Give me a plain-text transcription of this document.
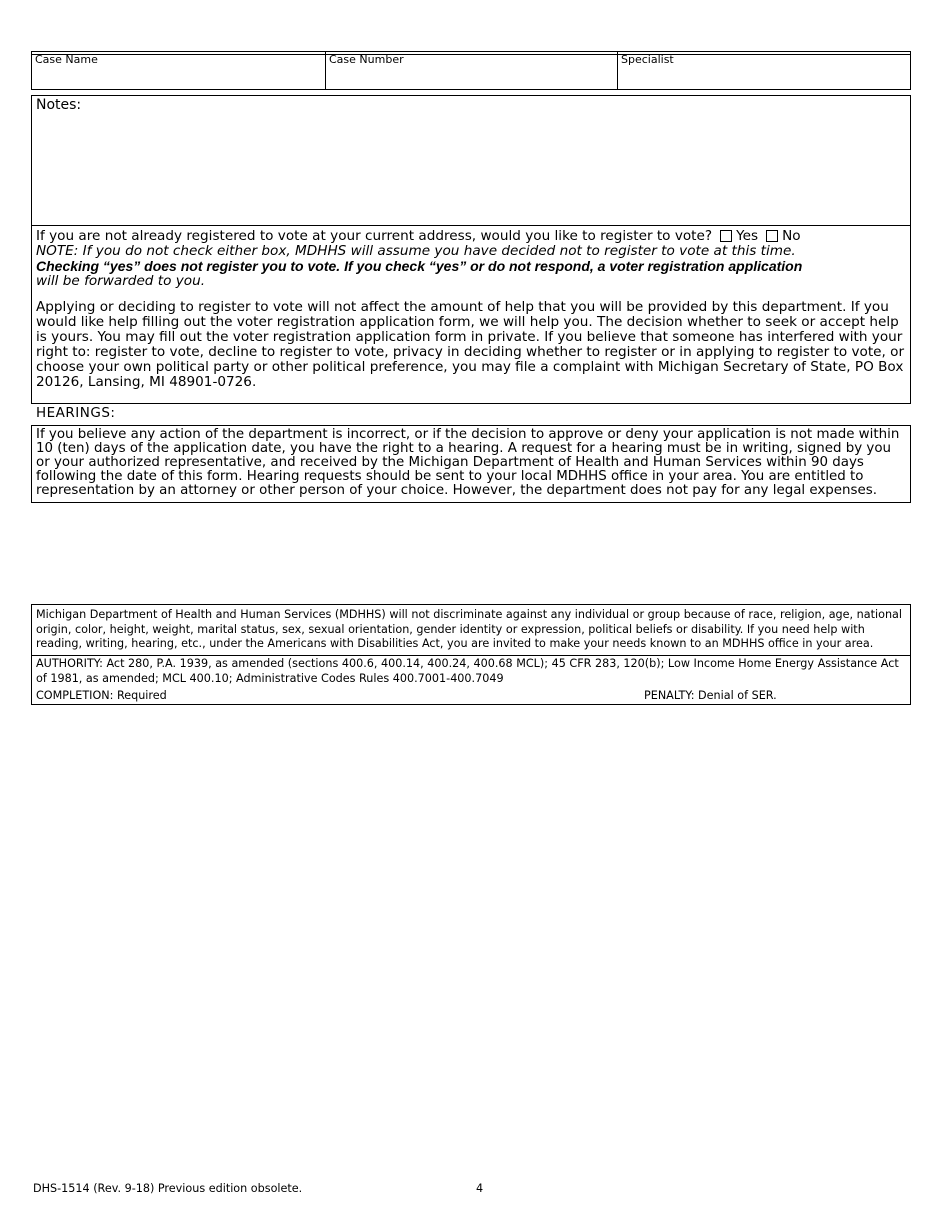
Case Name	Case Number	Specialist
Notes:
If you are not already registered to vote at your current address, would you like to register to vote? Yes No
NOTE: If you do not check either box, MDHHS will assume you have decided not to register to vote at this time.
Checking “yes” does not register you to vote. If you check “yes” or do not respond, a voter registration application
will be forwarded to you.
Applying or deciding to register to vote will not affect the amount of help that you will be provided by this department. If you would like help filling out the voter registration application form, we will help you. The decision whether to seek or accept help is yours. You may fill out the voter registration application form in private. If you believe that someone has interfered with your right to: register to vote, decline to register to vote, privacy in deciding whether to register or in applying to register to vote, or choose your own political party or other political preference, you may file a complaint with Michigan Secretary of State, PO Box 20126, Lansing, MI 48901-0726.
HEARINGS:
If you believe any action of the department is incorrect, or if the decision to approve or deny your application is not made within 10 (ten) days of the application date, you have the right to a hearing. A request for a hearing must be in writing, signed by you or your authorized representative, and received by the Michigan Department of Health and Human Services within 90 days following the date of this form. Hearing requests should be sent to your local MDHHS office in your area. You are entitled to representation by an attorney or other person of your choice. However, the department does not pay for any legal expenses.
Michigan Department of Health and Human Services (MDHHS) will not discriminate against any individual or group because of race, religion, age, national origin, color, height, weight, marital status, sex, sexual orientation, gender identity or expression, political beliefs or disability. If you need help with reading, writing, hearing, etc., under the Americans with Disabilities Act, you are invited to make your needs known to an MDHHS office in your area.
AUTHORITY: Act 280, P.A. 1939, as amended (sections 400.6, 400.14, 400.24, 400.68 MCL); 45 CFR 283, 120(b); Low Income Home Energy Assistance Act of 1981, as amended; MCL 400.10; Administrative Codes Rules 400.7001-400.7049
COMPLETION: Required	PENALTY: Denial of SER.
DHS-1514 (Rev. 9-18) Previous edition obsolete.	4
